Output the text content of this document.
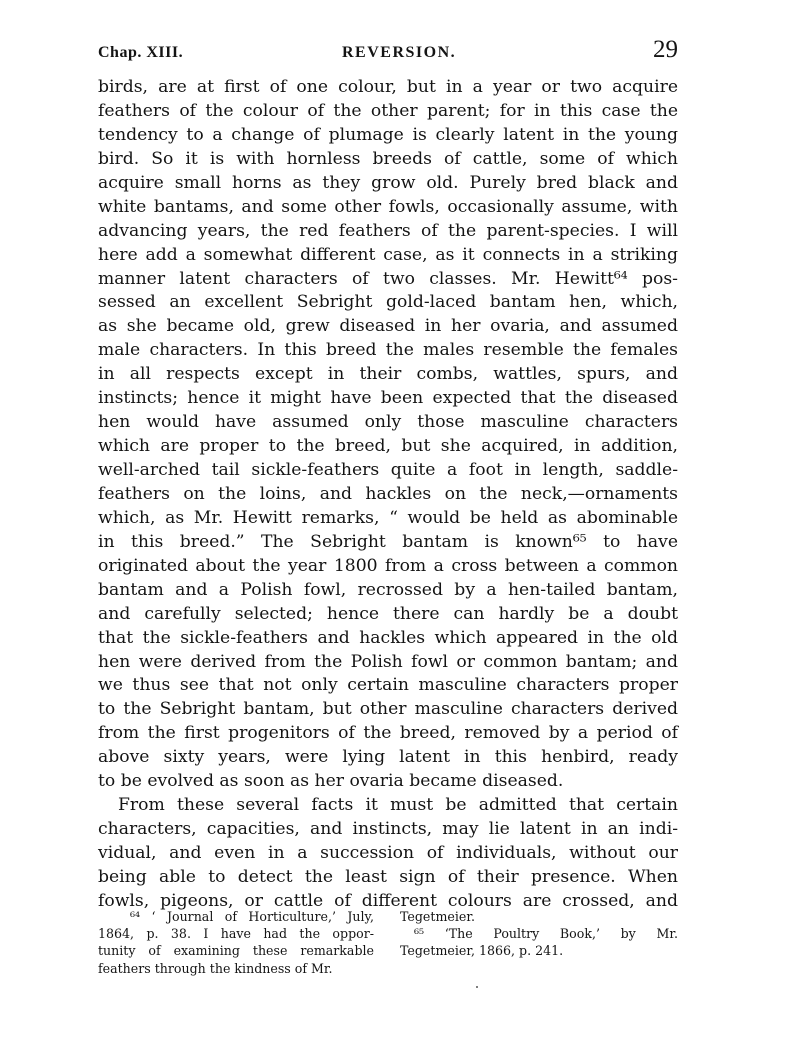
Chap. XIII.	REVERSION.	29
birds, are at first of one colour, but in a year or two acquire
feathers of the colour of the other parent; for in this case the
tendency to a change of plumage is clearly latent in the young
bird. So it is with hornless breeds of cattle, some of which
acquire small horns as they grow old. Purely bred black and
white bantams, and some other fowls, occasionally assume, with
advancing years, the red feathers of the parent-species. I will
here add a somewhat different case, as it connects in a striking
manner latent characters of two classes. Mr. Hewitt⁶⁴ pos-
sessed an excellent Sebright gold-laced bantam hen, which,
as she became old, grew diseased in her ovaria, and assumed
male characters. In this breed the males resemble the females
in all respects except in their combs, wattles, spurs, and
instincts; hence it might have been expected that the diseased
hen would have assumed only those masculine characters
which are proper to the breed, but she acquired, in addition,
well-arched tail sickle-feathers quite a foot in length, saddle-
feathers on the loins, and hackles on the neck,—ornaments
which, as Mr. Hewitt remarks, “ would be held as abominable
in this breed.” The Sebright bantam is known⁶⁵ to have
originated about the year 1800 from a cross between a common
bantam and a Polish fowl, recrossed by a hen-tailed bantam,
and carefully selected; hence there can hardly be a doubt
that the sickle-feathers and hackles which appeared in the old
hen were derived from the Polish fowl or common bantam; and
we thus see that not only certain masculine characters proper
to the Sebright bantam, but other masculine characters derived
from the first progenitors of the breed, removed by a period of
above sixty years, were lying latent in this henbird, ready
to be evolved as soon as her ovaria became diseased.
From these several facts it must be admitted that certain
characters, capacities, and instincts, may lie latent in an indi-
vidual, and even in a succession of individuals, without our
being able to detect the least sign of their presence. When
fowls, pigeons, or cattle of different colours are crossed, and
⁶⁴ ‘ Journal of Horticulture,’ July,
1864, p. 38. I have had the oppor-
tunity of examining these remarkable
feathers through the kindness of Mr.
Tegetmeier.
⁶⁵ ‘The Poultry Book,’ by Mr.
Tegetmeier, 1866, p. 241.
